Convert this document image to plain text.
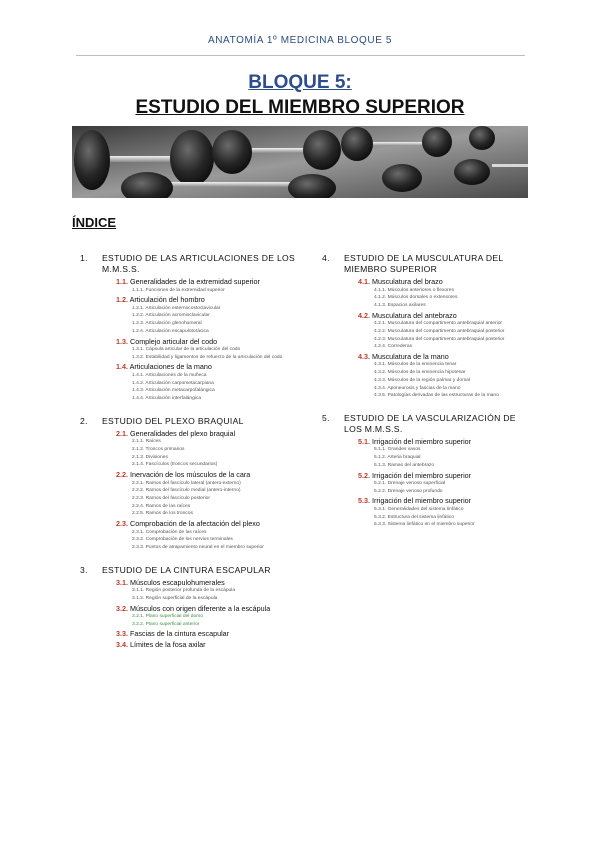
ANATOMÍA 1º MEDICINA BLOQUE 5
BLOQUE 5:
ESTUDIO DEL MIEMBRO SUPERIOR
ÍNDICE
1.	ESTUDIO DE LAS ARTICULACIONES DE LOS M.M.S.S.
1.1. Generalidades de la extremidad superior
1.1.1. Funciones de la extremidad superior
1.2. Articulación del hombro
1.2.1. Articulación esternocostoclavicular
1.2.2. Articulación acromioclavicular
1.2.3. Articulación glenohumeral
1.2.4. Articulación escapulotorácica
1.3. Complejo articular del codo
1.3.1. Cápsula articular de la articulación del codo
1.3.2. Estabilidad y ligamentos de refuerzo de la articulación del codo
1.4. Articulaciones de la mano
1.4.1. Articulaciones de la muñeca
1.4.2. Articulación carpometacarpiana
1.4.3. Articulación metacarpofalángica
1.4.4. Articulación interfalángica
2.	ESTUDIO DEL PLEXO BRAQUIAL
2.1. Generalidades del plexo braquial
2.1.1. Raíces
2.1.2. Troncos primarios
2.1.3. Divisiones
2.1.4. Fascículos (troncos secundarios)
2.2. Inervación de los músculos de la cara
2.2.1. Ramos del fascículo lateral (antero-externo)
2.2.2. Ramos del fascículo medial (antero-interno)
2.2.3. Ramos del fascículo posterior
2.2.4. Ramos de las raíces
2.2.5. Ramos de los troncos
2.3. Comprobación de la afectación del plexo
2.3.1. Comprobación de las raíces
2.3.2. Comprobación de los nervios terminales
2.3.3. Puntos de atrapamiento neural en el miembro superior
3.	ESTUDIO DE LA CINTURA ESCAPULAR
3.1. Músculos escapulohumerales
3.1.1. Región posterior profunda de la escápula
3.1.2. Región superficial de la escápula
3.2. Músculos con origen diferente a la escápula
3.2.1. Plano superficial del dorso
3.2.2. Plano superficial anterior
3.3. Fascias de la cintura escapular
3.4. Límites de la fosa axilar
4.	ESTUDIO DE LA MUSCULATURA DEL MIEMBRO SUPERIOR
4.1. Musculatura del brazo
4.1.1. Músculos anteriores o flexores
4.1.2. Músculos dorsales o extensores
4.1.3. Espacios axilares
4.2. Musculatura del antebrazo
4.2.1. Musculatura del compartimento antebraquial anterior
4.2.2. Musculatura del compartimento antebraquial posterior
4.2.3. Musculatura del compartimento antebraquial posterior
4.2.4. Correderas
4.3. Musculatura de la mano
4.3.1. Músculos de la eminencia tenar
4.3.2. Músculos de la eminencia hipotenar
4.3.3. Músculos de la región palmar y dorsal
4.3.4. Aponeurosis y fascias de la mano
4.3.5. Patologías derivadas de las estructuras de la mano
5.	ESTUDIO DE LA VASCULARIZACIÓN DE LOS M.M.S.S.
5.1. Irrigación del miembro superior
5.1.1. Grandes vasos
5.1.2. Arteria braquial
5.1.3. Ramas del antebrazo
5.2. Irrigación del miembro superior
5.2.1. Drenaje venoso superficial
5.2.2. Drenaje venoso profundo
5.3. Irrigación del miembro superior
5.3.1. Generalidades del sistema linfático
5.3.2. Estructura del sistema linfático
5.3.3. Sistema linfático en el miembro superior
